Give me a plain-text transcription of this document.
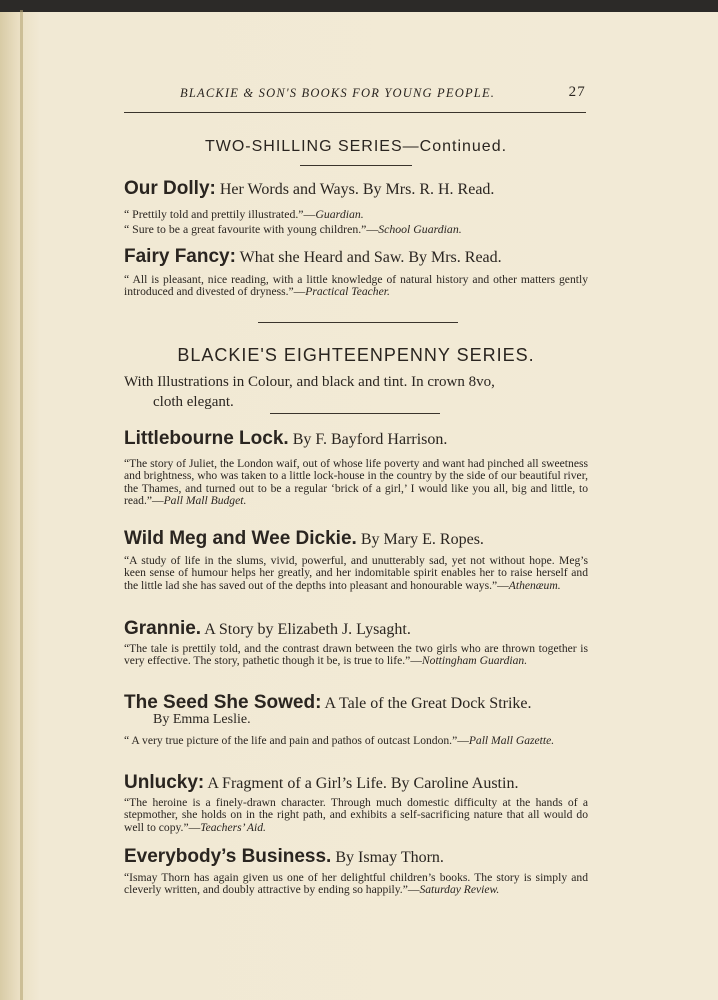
BLACKIE & SON'S BOOKS FOR YOUNG PEOPLE.	27
TWO-SHILLING SERIES—Continued.
Our Dolly: Her Words and Ways. By Mrs. R. H. Read.
“ Prettily told and prettily illustrated.”—Guardian.
“ Sure to be a great favourite with young children.”—School Guardian.
Fairy Fancy: What she Heard and Saw. By Mrs. Read.
“ All is pleasant, nice reading, with a little knowledge of natural history and other matters gently introduced and divested of dryness.”—Practical Teacher.
BLACKIE'S EIGHTEENPENNY SERIES.
With Illustrations in Colour, and black and tint. In crown 8vo,
cloth elegant.
Littlebourne Lock. By F. Bayford Harrison.
“The story of Juliet, the London waif, out of whose life poverty and want had pinched all sweetness and brightness, who was taken to a little lock-house in the country by the side of our beautiful river, the Thames, and turned out to be a regular ‘brick of a girl,’ I would like you all, big and little, to read.”—Pall Mall Budget.
Wild Meg and Wee Dickie. By Mary E. Ropes.
“A study of life in the slums, vivid, powerful, and unutterably sad, yet not without hope. Meg’s keen sense of humour helps her greatly, and her indomitable spirit enables her to raise herself and the little lad she has saved out of the depths into pleasant and honourable ways.”—Athenæum.
Grannie. A Story by Elizabeth J. Lysaght.
“The tale is prettily told, and the contrast drawn between the two girls who are thrown together is very effective. The story, pathetic though it be, is true to life.”—Nottingham Guardian.
The Seed She Sowed: A Tale of the Great Dock Strike.
By Emma Leslie.
“ A very true picture of the life and pain and pathos of outcast London.”—Pall Mall Gazette.
Unlucky: A Fragment of a Girl’s Life. By Caroline Austin.
“The heroine is a finely-drawn character. Through much domestic difficulty at the hands of a stepmother, she holds on in the right path, and exhibits a self-sacrificing nature that all would do well to copy.”—Teachers’ Aid.
Everybody’s Business. By Ismay Thorn.
“Ismay Thorn has again given us one of her delightful children’s books. The story is simply and cleverly written, and doubly attractive by ending so happily.”—Saturday Review.
